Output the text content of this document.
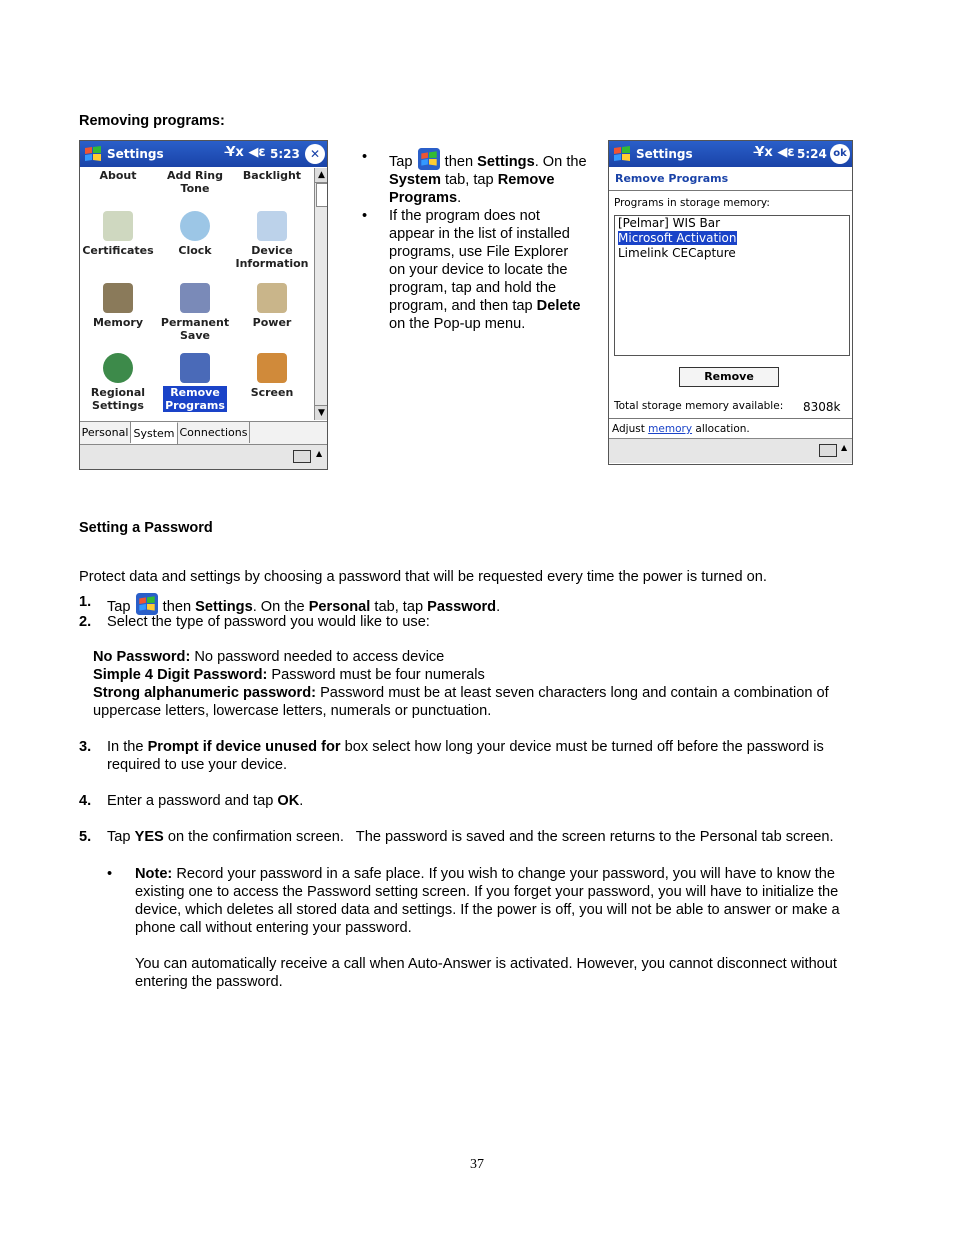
Removing programs:
Settings	Y̶x ◀ε 5:23 ✕
About	Add Ring
Tone
Backlight
Certificates	Clock	Device
Information
Memory	Permanent
Save
Power
Regional
Settings
Remove
Programs
Screen
▲
▼
Personal System Connections
▲
• Tap then Settings. On the System tab, tap Remove Programs.
• If the program does not appear in the list of installed programs, use File Explorer on your device to locate the program, tap and hold the program, and then tap Delete on the Pop-up menu.
Settings	Y̶x ◀ε 5:24 ok
Remove Programs
Programs in storage memory:
[Pelmar] WIS Bar
Microsoft Activation
Limelink CECapture
Remove
Total storage memory available: 8308k
Adjust memory allocation.
▲
Setting a Password
Protect data and settings by choosing a password that will be requested every time the power is turned on.
1.	Tap then Settings. On the Personal tab, tap Password.
2.	Select the type of password you would like to use:
No Password: No password needed to access device
Simple 4 Digit Password: Password must be four numerals
Strong alphanumeric password: Password must be at least seven characters long and contain a combination of uppercase letters, lowercase letters, numerals or punctuation.
3.	In the Prompt if device unused for box select how long your device must be turned off before the password is required to use your device.
4.	Enter a password and tap OK.
5.	Tap YES on the confirmation screen.   The password is saved and the screen returns to the Personal tab screen.
•	Note: Record your password in a safe place. If you wish to change your password, you will have to know the existing one to access the Password setting screen. If you forget your password, you will have to initialize the device, which deletes all stored data and settings. If the power is off, you will not be able to answer or make a phone call without entering your password.
You can automatically receive a call when Auto-Answer is activated. However, you cannot disconnect without entering the password.
37
